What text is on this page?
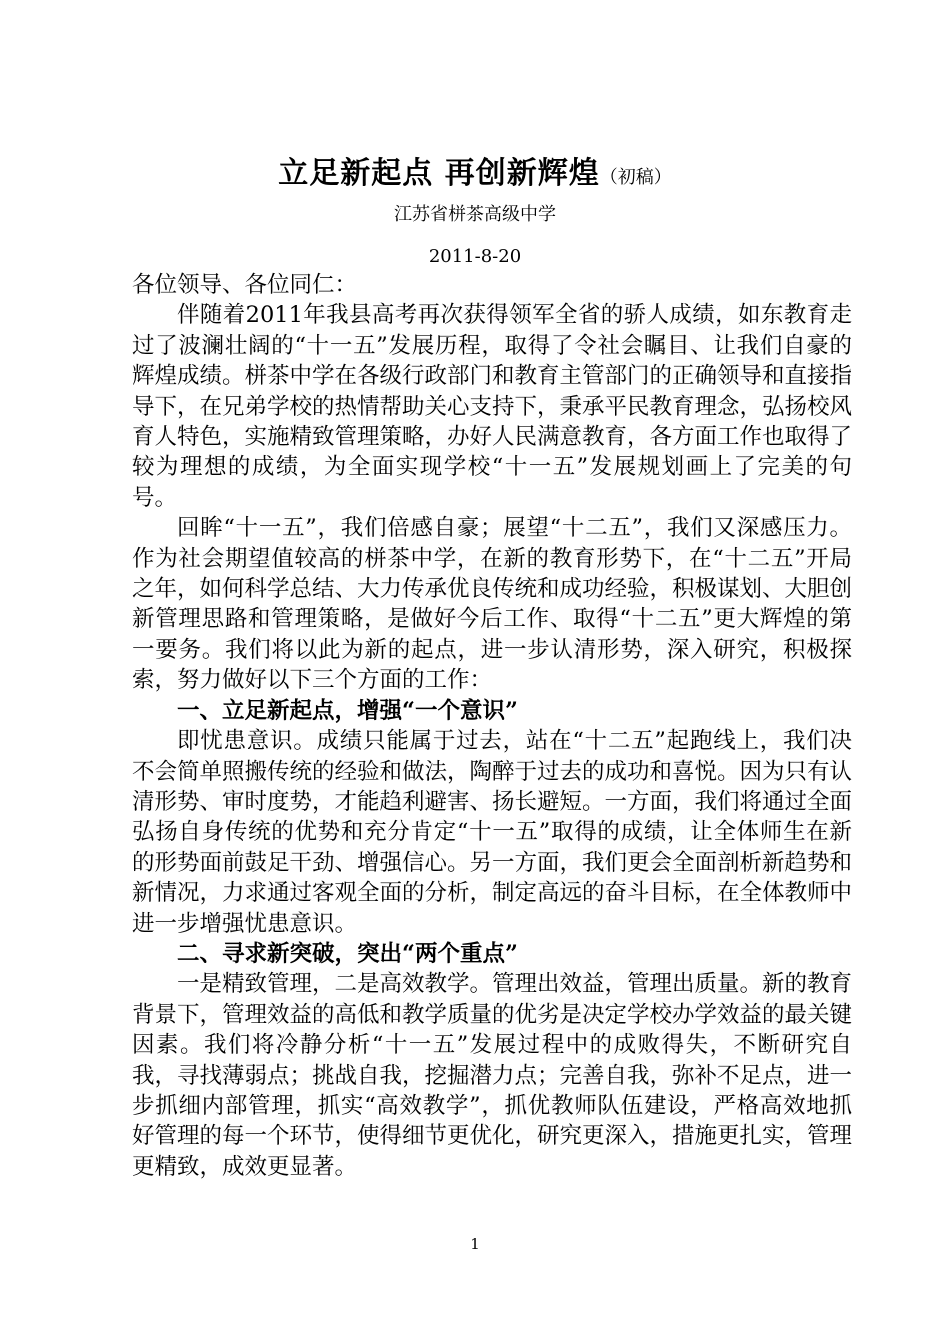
立足新起点 再创新辉煌（初稿）
江苏省栟茶高级中学
2011-8-20

各位领导、各位同仁：

伴随着2011年我县高考再次获得领军全省的骄人成绩，如东教育走过了波澜壮阔的“十一五”发展历程，取得了令社会瞩目、让我们自豪的辉煌成绩。栟茶中学在各级行政部门和教育主管部门的正确领导和直接指导下，在兄弟学校的热情帮助关心支持下，秉承平民教育理念，弘扬校风育人特色，实施精致管理策略，办好人民满意教育，各方面工作也取得了较为理想的成绩，为全面实现学校“十一五”发展规划画上了完美的句号。

回眸“十一五”，我们倍感自豪；展望“十二五”，我们又深感压力。作为社会期望值较高的栟茶中学，在新的教育形势下，在“十二五”开局之年，如何科学总结、大力传承优良传统和成功经验，积极谋划、大胆创新管理思路和管理策略，是做好今后工作、取得“十二五”更大辉煌的第一要务。我们将以此为新的起点，进一步认清形势，深入研究，积极探索，努力做好以下三个方面的工作：

一、立足新起点，增强“一个意识”

即忧患意识。成绩只能属于过去，站在“十二五”起跑线上，我们决不会简单照搬传统的经验和做法，陶醉于过去的成功和喜悦。因为只有认清形势、审时度势，才能趋利避害、扬长避短。一方面，我们将通过全面弘扬自身传统的优势和充分肯定“十一五”取得的成绩，让全体师生在新的形势面前鼓足干劲、增强信心。另一方面，我们更会全面剖析新趋势和新情况，力求通过客观全面的分析，制定高远的奋斗目标，在全体教师中进一步增强忧患意识。

二、寻求新突破，突出“两个重点”

一是精致管理，二是高效教学。管理出效益，管理出质量。新的教育背景下，管理效益的高低和教学质量的优劣是决定学校办学效益的最关键因素。我们将冷静分析“十一五”发展过程中的成败得失，不断研究自我，寻找薄弱点；挑战自我，挖掘潜力点；完善自我，弥补不足点，进一步抓细内部管理，抓实“高效教学”，抓优教师队伍建设，严格高效地抓好管理的每一个环节，使得细节更优化，研究更深入，措施更扎实，管理更精致，成效更显著。

1
